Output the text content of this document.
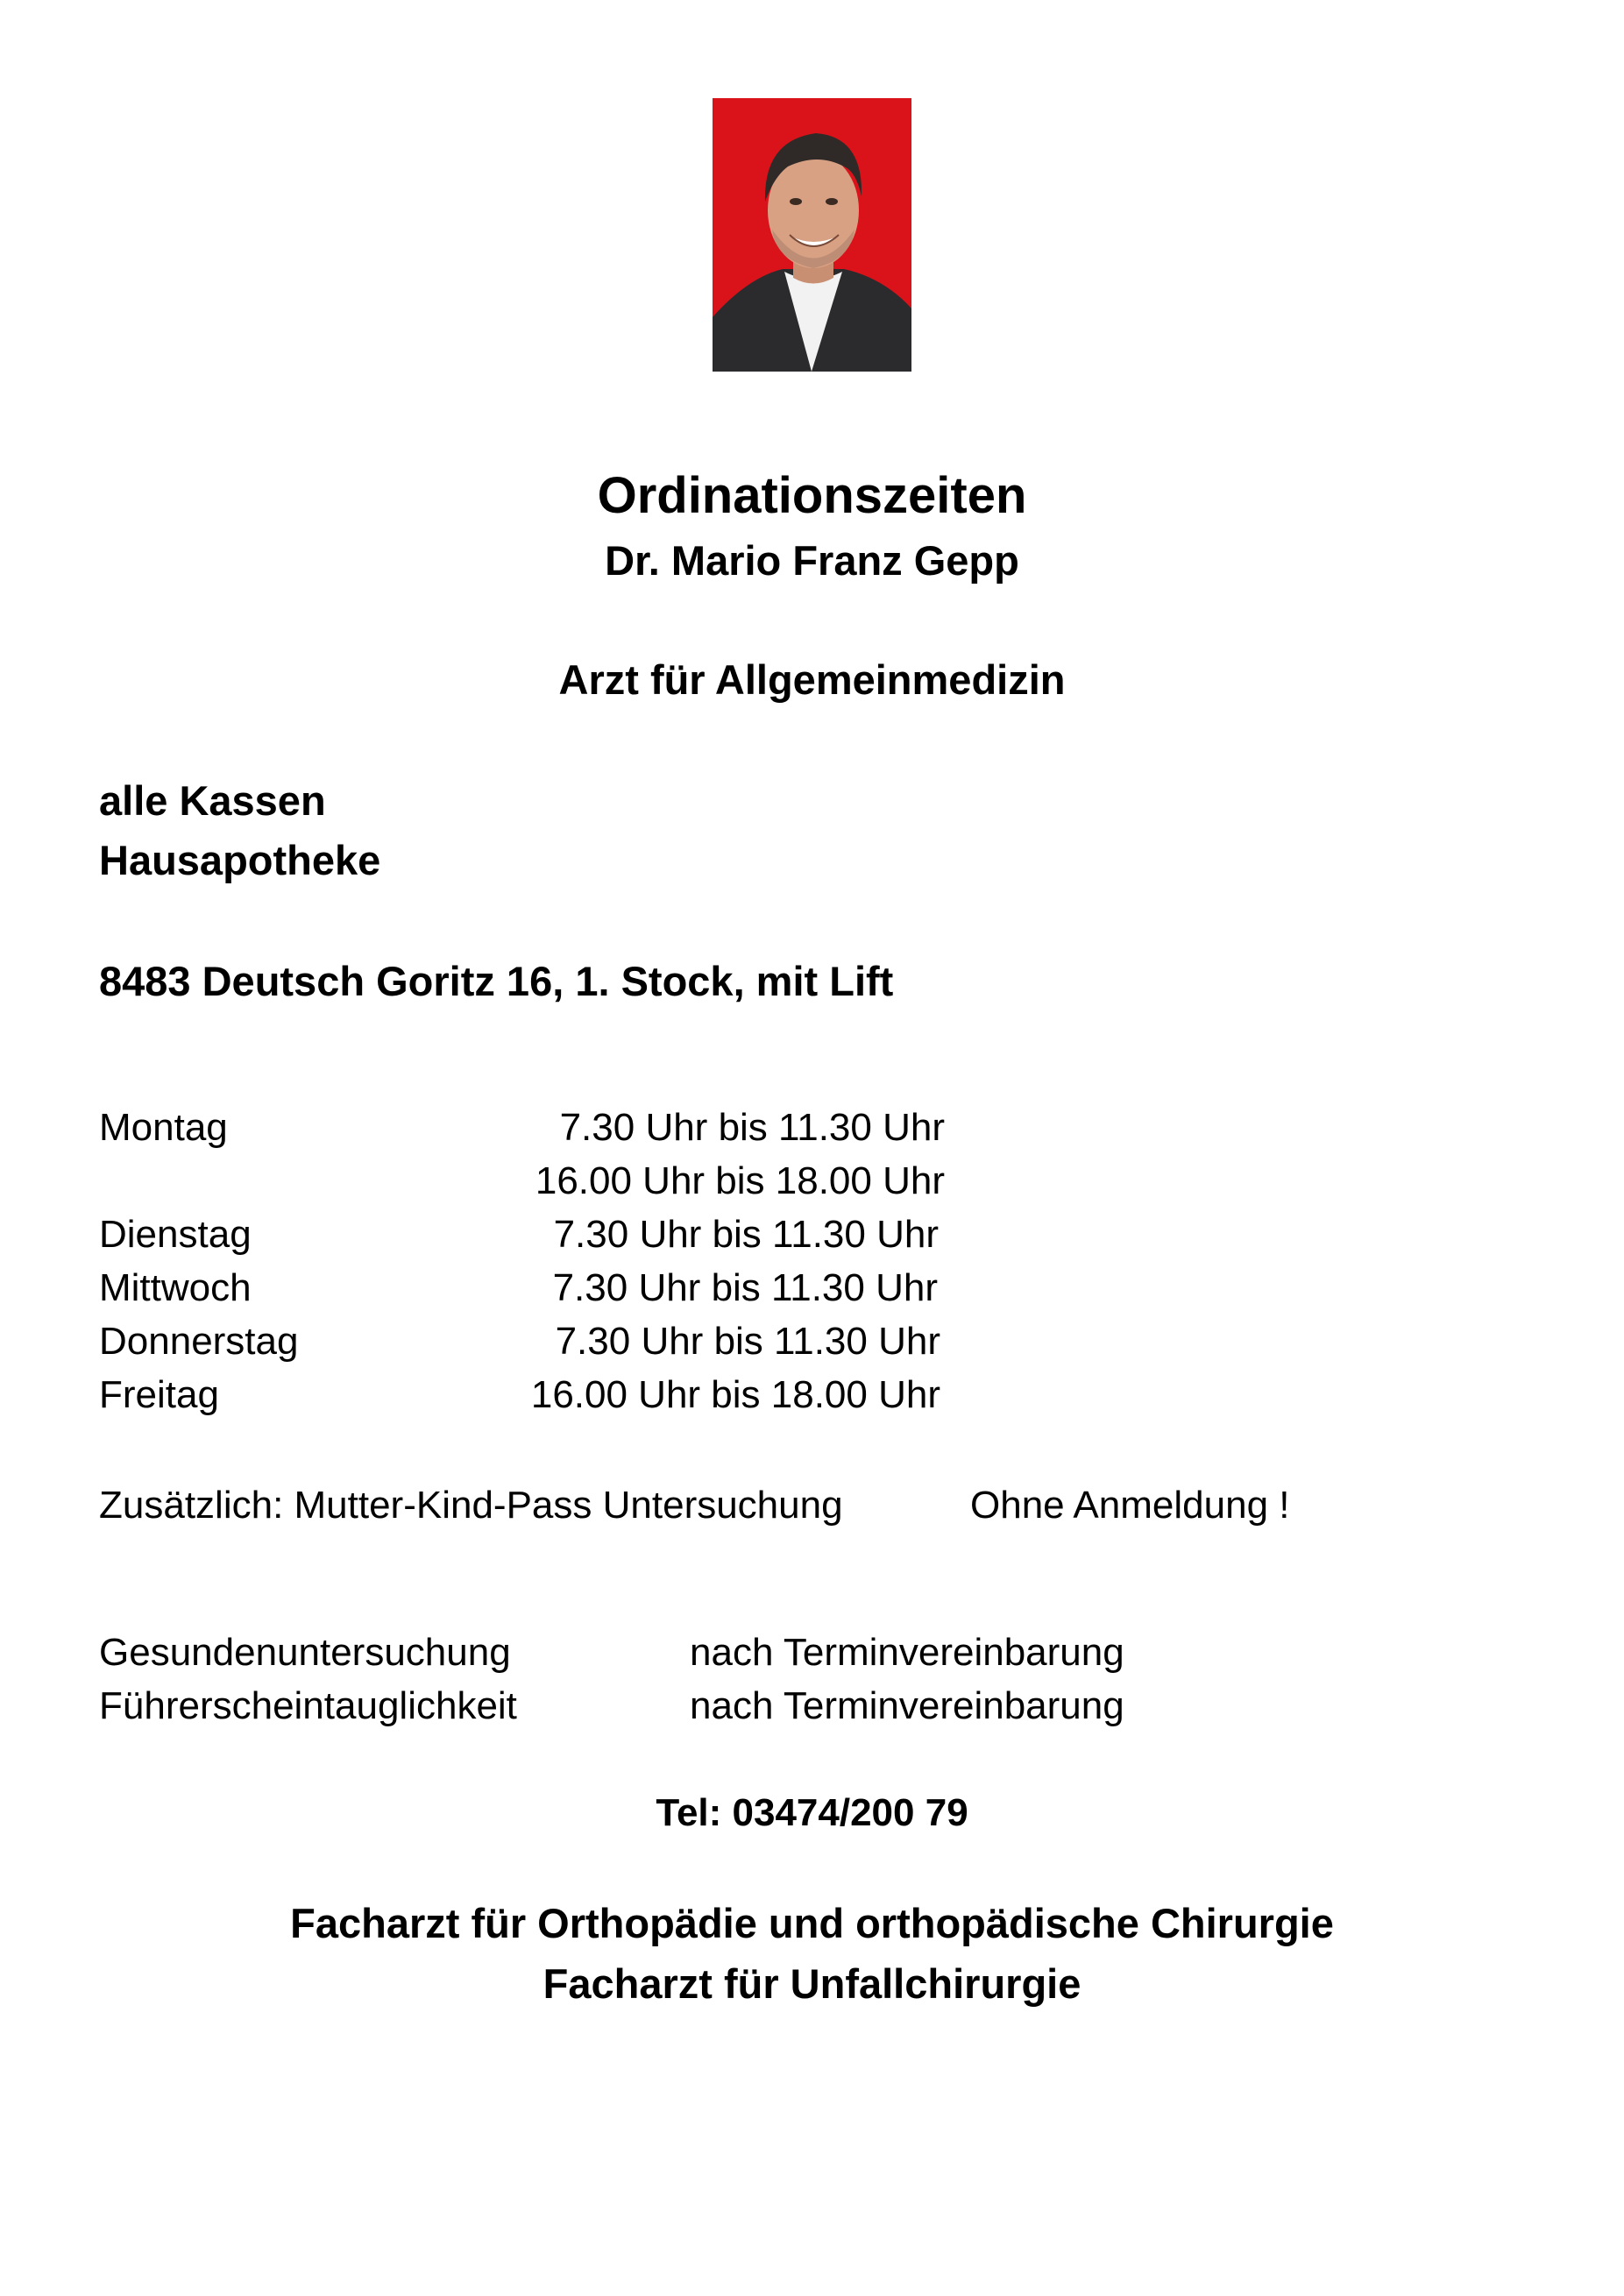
Ordinationszeiten
Dr. Mario Franz Gepp
Arzt für Allgemeinmedizin
alle Kassen
Hausapotheke
8483 Deutsch Goritz 16, 1. Stock, mit Lift
Montag	7.30 Uhr bis 11.30 Uhr
16.00 Uhr bis 18.00 Uhr
Dienstag	7.30 Uhr bis 11.30 Uhr
Mittwoch	7.30 Uhr bis 11.30 Uhr
Donnerstag	7.30 Uhr bis 11.30 Uhr
Freitag	16.00 Uhr bis 18.00 Uhr
Zusätzlich: Mutter-Kind-Pass Untersuchung	Ohne Anmeldung !
Gesundenuntersuchung	nach Terminvereinbarung
Führerscheintauglichkeit	nach Terminvereinbarung
Tel: 03474/200 79
Facharzt für Orthopädie und orthopädische Chirurgie
Facharzt für Unfallchirurgie
